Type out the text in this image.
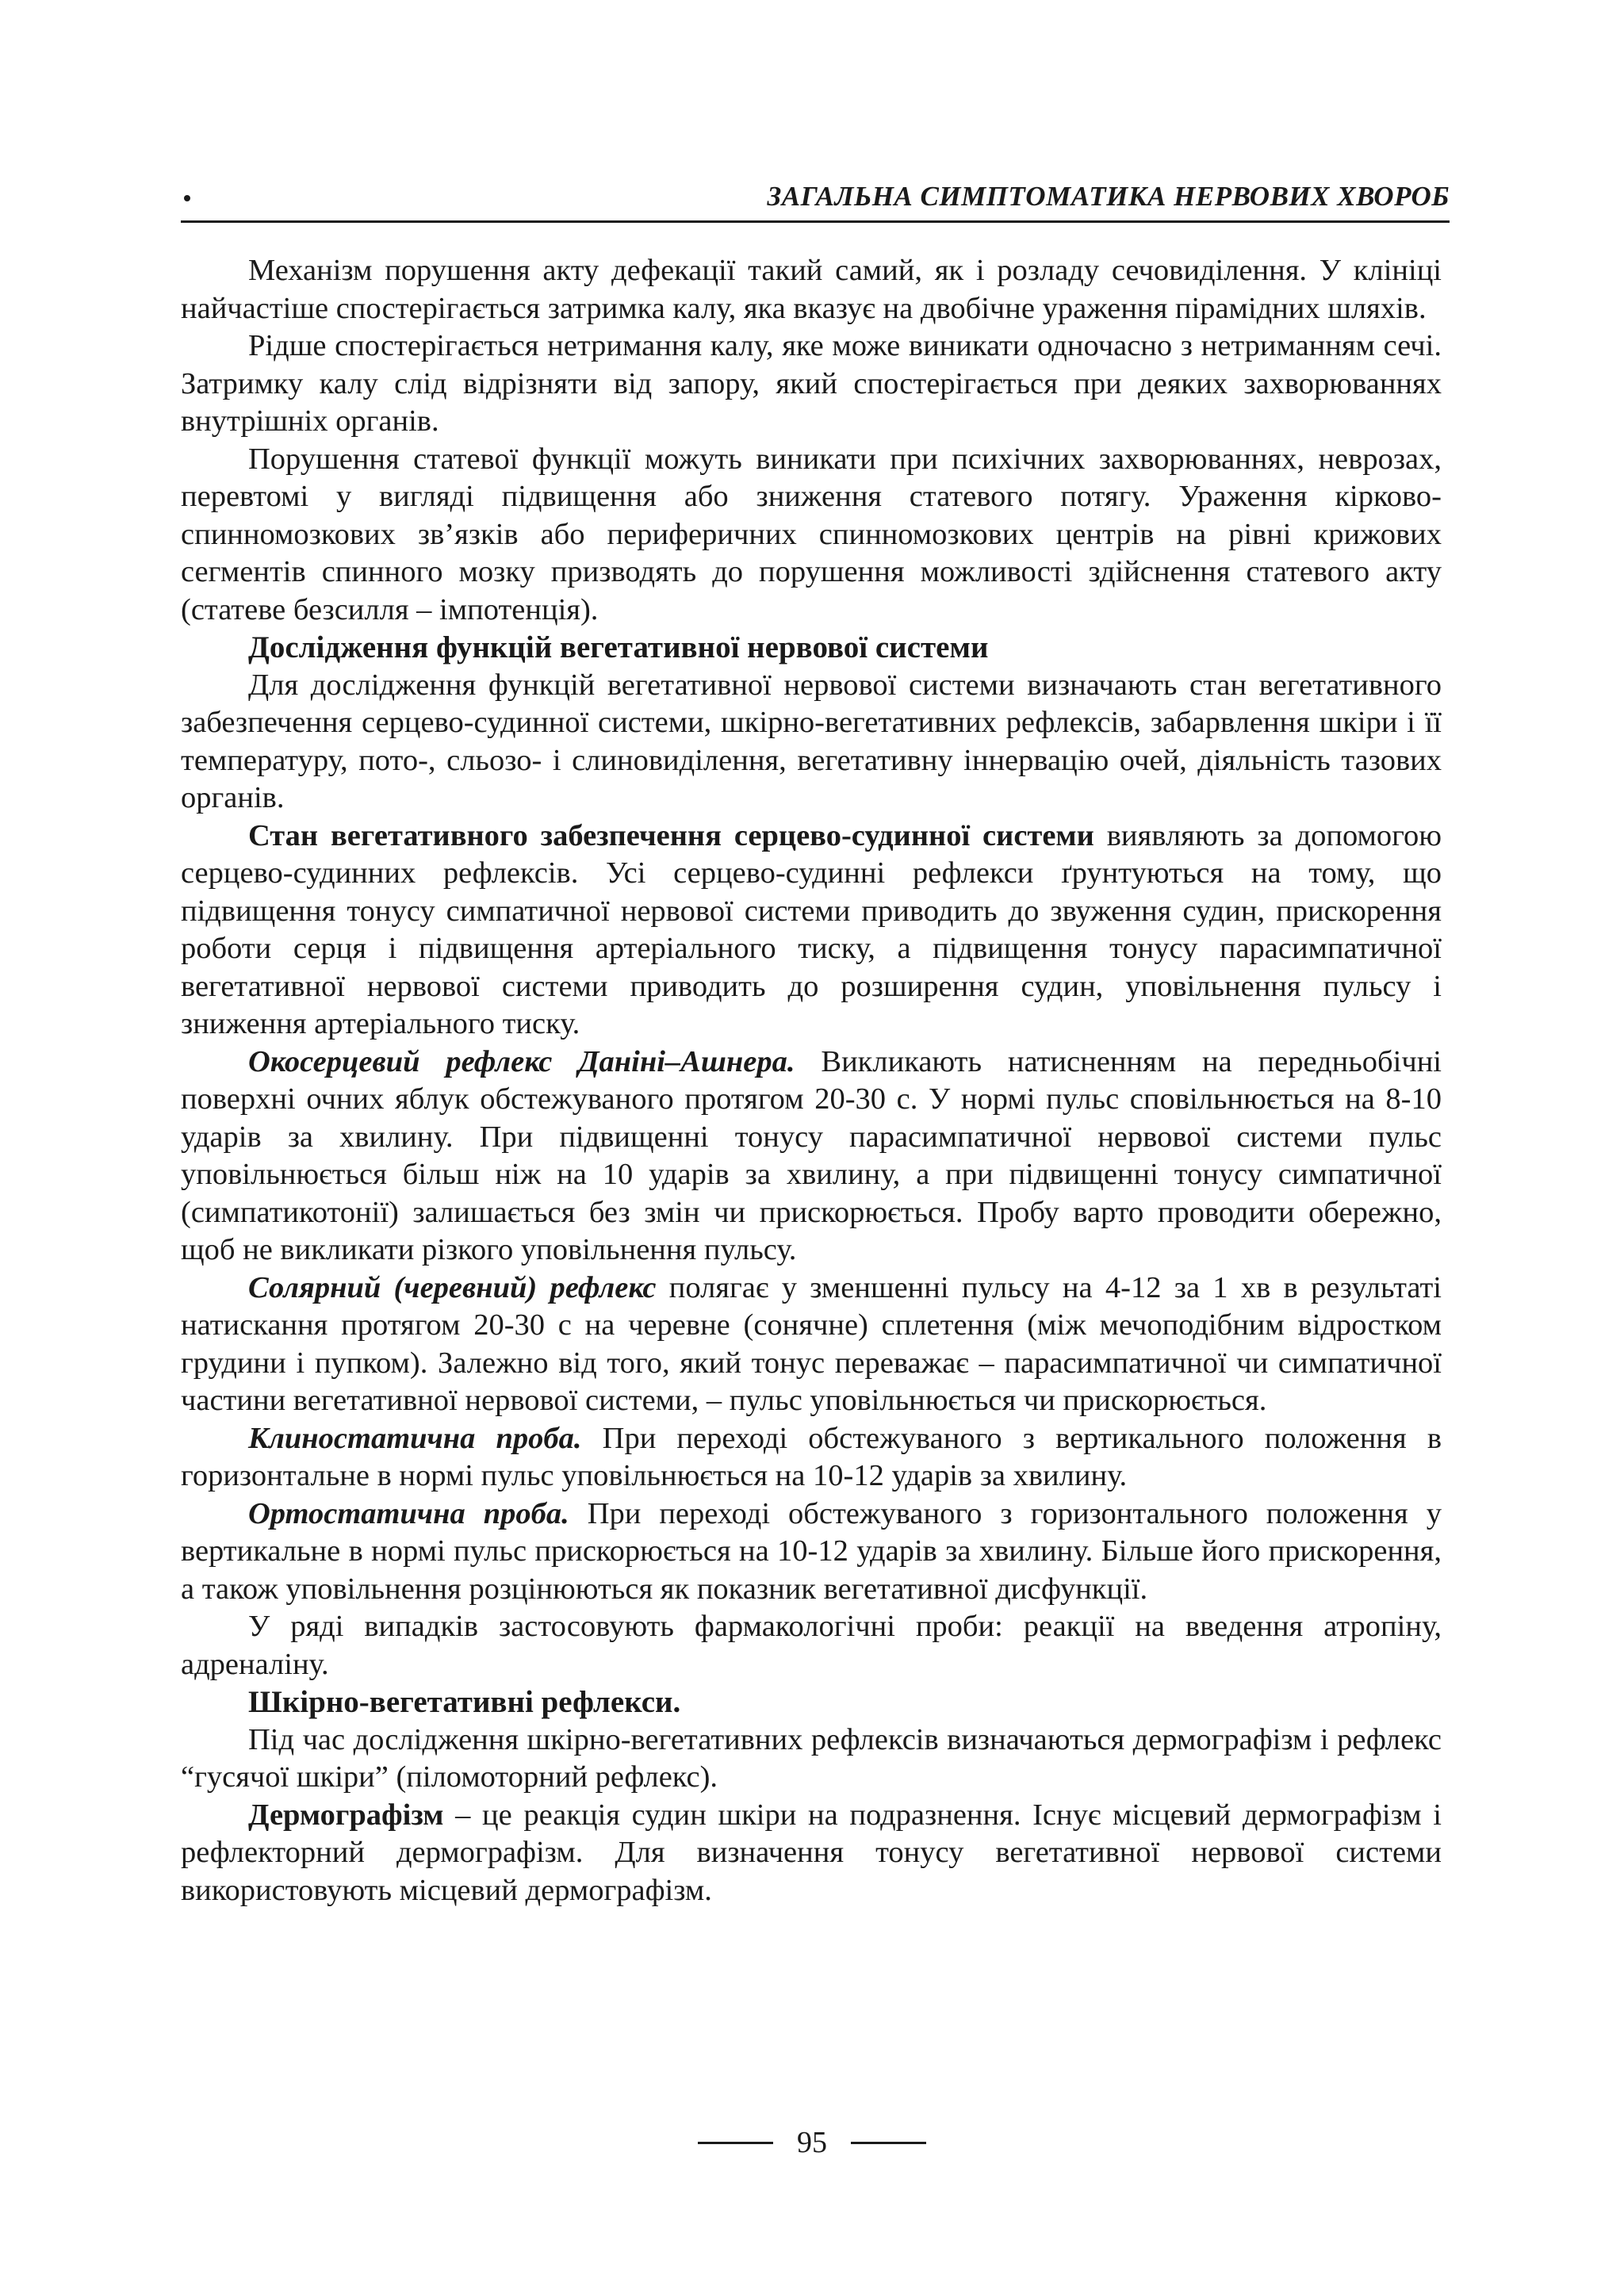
ЗАГАЛЬНА СИМПТОМАТИКА НЕРВОВИХ ХВОРОБ

Механізм порушення акту дефекації такий самий, як і розладу сечовиділення. У клініці найчастіше спостерігається затримка калу, яка вказує на двобічне ураження пірамідних шляхів.

Рідше спостерігається нетримання калу, яке може виникати одночасно з нетриманням сечі. Затримку калу слід відрізняти від запору, який спостерігається при деяких захворюваннях внутрішніх органів.

Порушення статевої функції можуть виникати при психічних захворюваннях, неврозах, перевтомі у вигляді підвищення або зниження статевого потягу. Ураження кірково-спинномозкових зв’язків або периферичних спинномозкових центрів на рівні крижових сегментів спинного мозку призводять до порушення можливості здійснення статевого акту (статеве безсилля – імпотенція).

Дослідження функцій вегетативної нервової системи

Для дослідження функцій вегетативної нервової системи визначають стан вегетативного забезпечення серцево-судинної системи, шкірно-вегетативних рефлексів, забарвлення шкіри і її температуру, пото-, сльозо- і слиновиділення, вегетативну іннервацію очей, діяльність тазових органів.

Стан вегетативного забезпечення серцево-судинної системи виявляють за допомогою серцево-судинних рефлексів. Усі серцево-судинні рефлекси ґрунтуються на тому, що підвищення тонусу симпатичної нервової системи приводить до звуження судин, прискорення роботи серця і підвищення артеріального тиску, а підвищення тонусу парасимпатичної вегетативної нервової системи приводить до розширення судин, уповільнення пульсу і зниження артеріального тиску.

Окосерцевий рефлекс Даніні–Ашнера. Викликають натисненням на передньобічні поверхні очних яблук обстежуваного протягом 20-30 с. У нормі пульс сповільнюється на 8-10 ударів за хвилину. При підвищенні тонусу парасимпатичної нервової системи пульс уповільнюється більш ніж на 10 ударів за хвилину, а при підвищенні тонусу симпатичної (симпатикотонії) залишається без змін чи прискорюється. Пробу варто проводити обережно, щоб не викликати різкого уповільнення пульсу.

Солярний (черевний) рефлекс полягає у зменшенні пульсу на 4-12 за 1 хв в результаті натискання протягом 20-30 с на черевне (сонячне) сплетення (між мечоподібним відростком грудини і пупком). Залежно від того, який тонус переважає – парасимпатичної чи симпатичної частини вегетативної нервової системи, – пульс уповільнюється чи прискорюється.

Клиностатична проба. При переході обстежуваного з вертикального положення в горизонтальне в нормі пульс уповільнюється на 10-12 ударів за хвилину.

Ортостатична проба. При переході обстежуваного з горизонтального положення у вертикальне в нормі пульс прискорюється на 10-12 ударів за хвилину. Більше його прискорення, а також уповільнення розцінюються як показник вегетативної дисфункції.

У ряді випадків застосовують фармакологічні проби: реакції на введення атропіну, адреналіну.

Шкірно-вегетативні рефлекси.

Під час дослідження шкірно-вегетативних рефлексів визначаються дермографізм і рефлекс “гусячої шкіри” (піломоторний рефлекс).

Дермографізм – це реакція судин шкіри на подразнення. Існує місцевий дермографізм і рефлекторний дермографізм. Для визначення тонусу вегетативної нервової системи використовують місцевий дермографізм.

95
